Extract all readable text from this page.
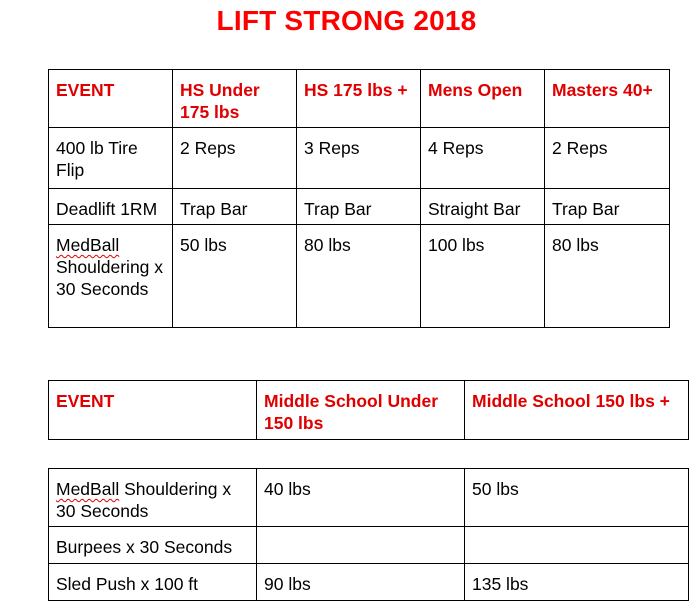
LIFT STRONG 2018
EVENT	HS Under 175 lbs	HS 175 lbs +	Mens Open	Masters 40+
400 lb Tire Flip	2 Reps	3 Reps	4 Reps	2 Reps
Deadlift 1RM	Trap Bar	Trap Bar	Straight Bar	Trap Bar
MedBall Shouldering x 30 Seconds	50 lbs	80 lbs	100 lbs	80 lbs
EVENT	Middle School Under 150 lbs	Middle School 150 lbs +
MedBall Shouldering x 30 Seconds	40 lbs	50 lbs
Burpees x 30 Seconds		
Sled Push x 100 ft	90 lbs	135 lbs
